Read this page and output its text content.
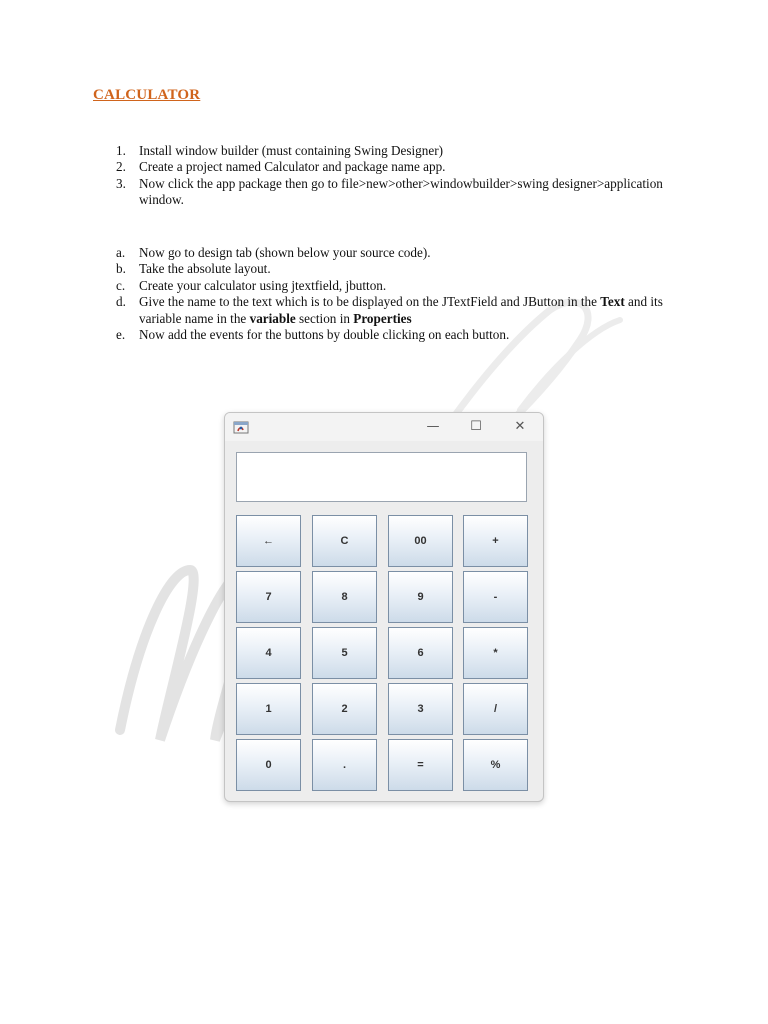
CALCULATOR
1. Install window builder (must containing Swing Designer)
2. Create a project named Calculator and package name app.
3. Now click the app package then go to file>new>other>windowbuilder>swing designer>application window.
a.	Now go to design tab (shown below your source code).
b. Take the absolute layout.
c.	Create your calculator using jtextfield, jbutton.
d. Give the name to the text which is to be displayed on the JTextField and JButton in the Text and its variable name in the variable section in Properties
e.	Now add the events for the buttons by double clicking on each button.
—	☐	✕
←	C	00	+
7	8	9	-
4	5	6	*
1	2	3	/
0	.	=	%
